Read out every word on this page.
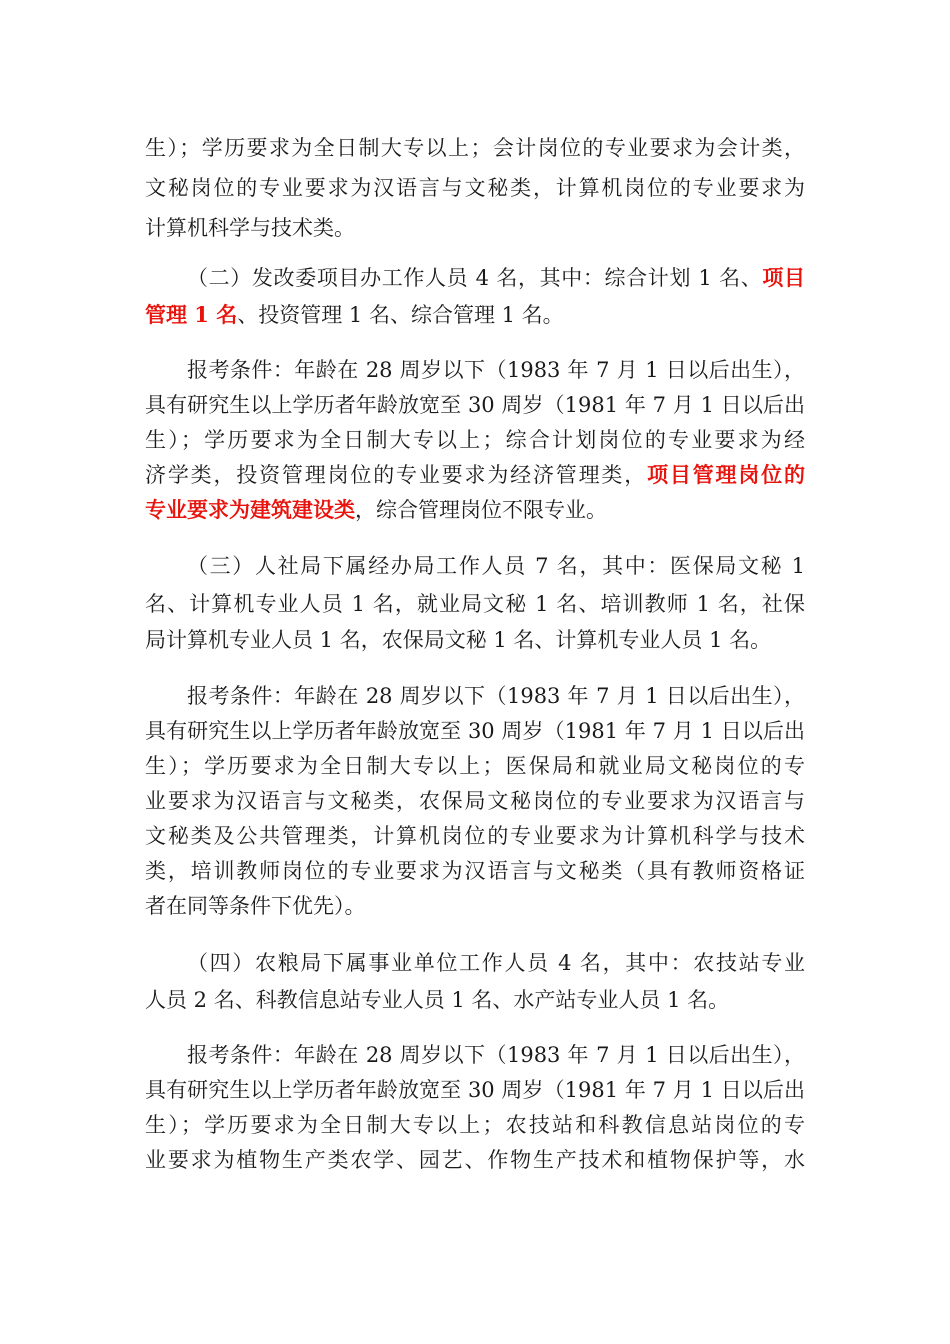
生）；学历要求为全日制大专以上；会计岗位的专业要求为会计类，
文秘岗位的专业要求为汉语言与文秘类，计算机岗位的专业要求为
计算机科学与技术类。
（二）发改委项目办工作人员 4 名，其中：综合计划 1 名、项目
管理 1 名、投资管理 1 名、综合管理 1 名。
报考条件：年龄在 28 周岁以下（1983 年 7 月 1 日以后出生），
具有研究生以上学历者年龄放宽至 30 周岁（1981 年 7 月 1 日以后出
生）；学历要求为全日制大专以上；综合计划岗位的专业要求为经
济学类，投资管理岗位的专业要求为经济管理类，项目管理岗位的
专业要求为建筑建设类，综合管理岗位不限专业。
（三）人社局下属经办局工作人员 7 名，其中：医保局文秘 1
名、计算机专业人员 1 名，就业局文秘 1 名、培训教师 1 名，社保
局计算机专业人员 1 名，农保局文秘 1 名、计算机专业人员 1 名。
报考条件：年龄在 28 周岁以下（1983 年 7 月 1 日以后出生），
具有研究生以上学历者年龄放宽至 30 周岁（1981 年 7 月 1 日以后出
生）；学历要求为全日制大专以上；医保局和就业局文秘岗位的专
业要求为汉语言与文秘类，农保局文秘岗位的专业要求为汉语言与
文秘类及公共管理类，计算机岗位的专业要求为计算机科学与技术
类，培训教师岗位的专业要求为汉语言与文秘类（具有教师资格证
者在同等条件下优先）。
（四）农粮局下属事业单位工作人员 4 名，其中：农技站专业
人员 2 名、科教信息站专业人员 1 名、水产站专业人员 1 名。
报考条件：年龄在 28 周岁以下（1983 年 7 月 1 日以后出生），
具有研究生以上学历者年龄放宽至 30 周岁（1981 年 7 月 1 日以后出
生）；学历要求为全日制大专以上；农技站和科教信息站岗位的专
业要求为植物生产类农学、园艺、作物生产技术和植物保护等，水
